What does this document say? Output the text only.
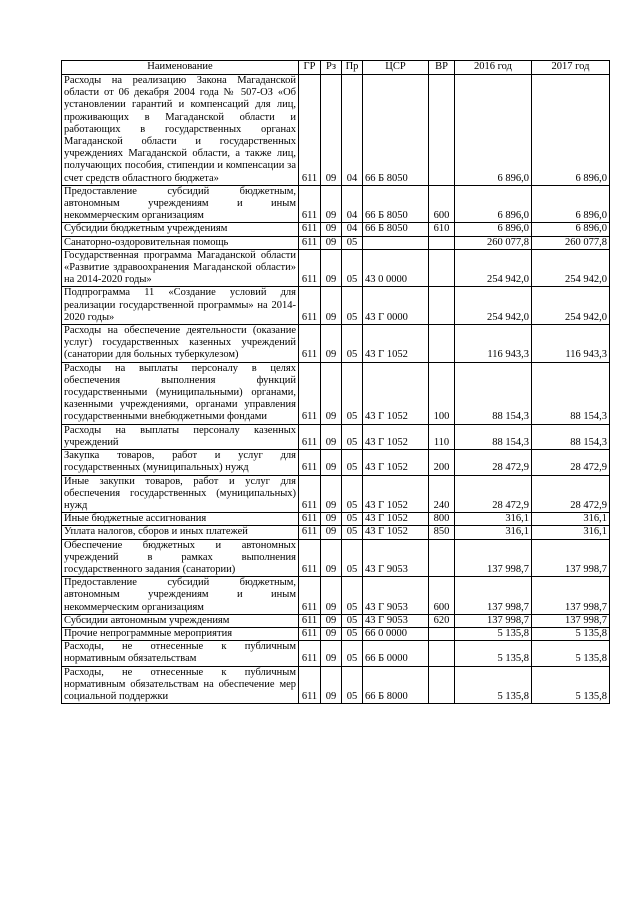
Наименование	ГР	Рз	Пр	ЦСР	ВР	2016 год	2017 год
Расходы на реализацию Закона Магаданской области от 06 декабря 2004 года № 507-ОЗ «Об установлении гарантий и компенсаций для лиц, проживающих в Магаданской области и работающих в государственных органах Магаданской области и государственных учреждениях Магаданской области, а также лиц, получающих пособия, стипендии и компенсации за счет средств областного бюджета»	611	09	04	66 Б 8050		6 896,0	6 896,0
Предоставление субсидий бюджетным, автономным учреждениям и иным некоммерческим организациям	611	09	04	66 Б 8050	600	6 896,0	6 896,0
Субсидии бюджетным учреждениям	611	09	04	66 Б 8050	610	6 896,0	6 896,0
Санаторно-оздоровительная помощь	611	09	05			260 077,8	260 077,8
Государственная программа Магаданской области «Развитие здравоохранения Магаданской области» на 2014-2020 годы»	611	09	05	43 0 0000		254 942,0	254 942,0
Подпрограмма 11 «Создание условий для реализации государственной программы» на 2014-2020 годы»	611	09	05	43 Г 0000		254 942,0	254 942,0
Расходы на обеспечение деятельности (оказание услуг) государственных казенных учреждений (санатории для больных туберкулезом)	611	09	05	43 Г 1052		116 943,3	116 943,3
Расходы на выплаты персоналу в целях обеспечения выполнения функций государственными (муниципальными) органами, казенными учреждениями, органами управления государственными внебюджетными фондами	611	09	05	43 Г 1052	100	88 154,3	88 154,3
Расходы на выплаты персоналу казенных учреждений	611	09	05	43 Г 1052	110	88 154,3	88 154,3
Закупка товаров, работ и услуг для государственных (муниципальных) нужд	611	09	05	43 Г 1052	200	28 472,9	28 472,9
Иные закупки товаров, работ и услуг для обеспечения государственных (муниципальных) нужд	611	09	05	43 Г 1052	240	28 472,9	28 472,9
Иные бюджетные ассигнования	611	09	05	43 Г 1052	800	316,1	316,1
Уплата налогов, сборов и иных платежей	611	09	05	43 Г 1052	850	316,1	316,1
Обеспечение бюджетных и автономных учреждений в рамках выполнения государственного задания (санатории)	611	09	05	43 Г 9053		137 998,7	137 998,7
Предоставление субсидий бюджетным, автономным учреждениям и иным некоммерческим организациям	611	09	05	43 Г 9053	600	137 998,7	137 998,7
Субсидии автономным учреждениям	611	09	05	43 Г 9053	620	137 998,7	137 998,7
Прочие непрограммные мероприятия	611	09	05	66 0 0000		5 135,8	5 135,8
Расходы, не отнесенные к публичным нормативным обязательствам	611	09	05	66 Б 0000		5 135,8	5 135,8
Расходы, не отнесенные к публичным нормативным обязательствам на обеспечение мер социальной поддержки	611	09	05	66 Б 8000		5 135,8	5 135,8
